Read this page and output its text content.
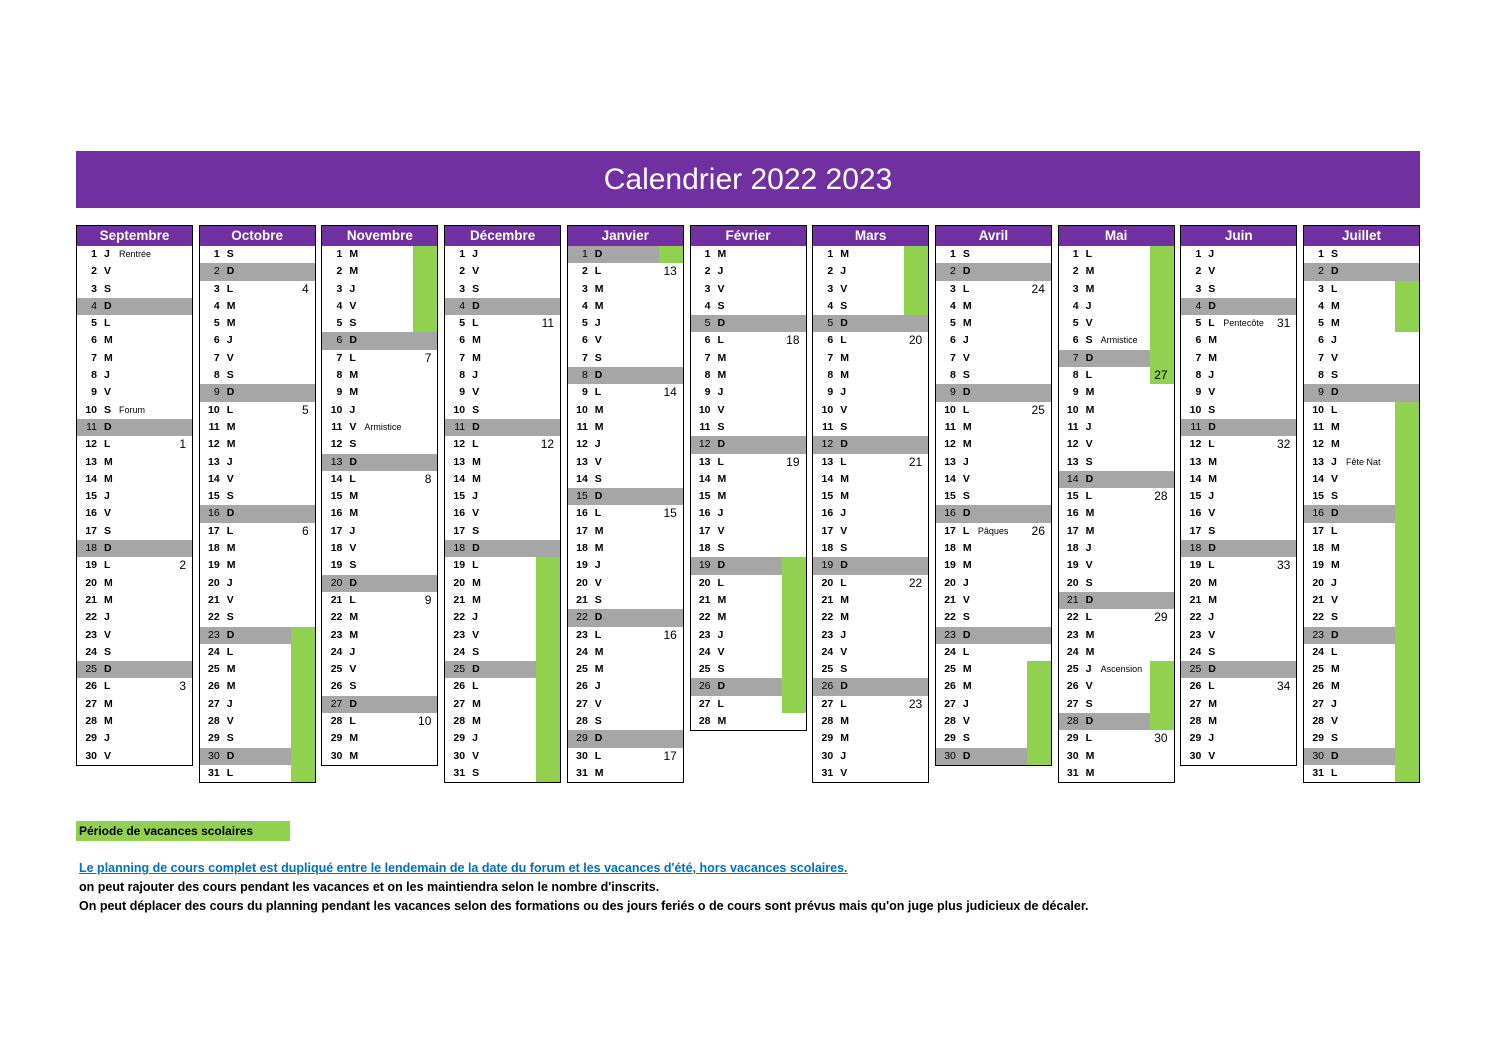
Calendrier 2022 2023
Septembre
1 J Rentrée
2 V
3 S
4 D
5 L
6 M
7 M
8 J
9 V
10 S Forum
11 D
12 L	1
13 M
14 M
15 J
16 V
17 S
18 D
19 L	2
20 M
21 M
22 J
23 V
24 S
25 D
26 L	3
27 M
28 M
29 J
30 V
Octobre
1 S
2 D
3 L	4
4 M
5 M
6 J
7 V
8 S
9 D
10 L	5
11 M
12 M
13 J
14 V
15 S
16 D
17 L	6
18 M
19 M
20 J
21 V
22 S
23 D
24 L
25 M
26 M
27 J
28 V
29 S
30 D
31 L
Novembre
1 M
2 M
3 J
4 V
5 S
6 D
7 L	7
8 M
9 M
10 J
11 V Armistice
12 S
13 D
14 L	8
15 M
16 M
17 J
18 V
19 S
20 D
21 L	9
22 M
23 M
24 J
25 V
26 S
27 D
28 L	10
29 M
30 M
Décembre
1 J
2 V
3 S
4 D
5 L	11
6 M
7 M
8 J
9 V
10 S
11 D
12 L	12
13 M
14 M
15 J
16 V
17 S
18 D
19 L
20 M
21 M
22 J
23 V
24 S
25 D
26 L
27 M
28 M
29 J
30 V
31 S
Janvier
1 D
2 L	13
3 M
4 M
5 J
6 V
7 S
8 D
9 L	14
10 M
11 M
12 J
13 V
14 S
15 D
16 L	15
17 M
18 M
19 J
20 V
21 S
22 D
23 L	16
24 M
25 M
26 J
27 V
28 S
29 D
30 L	17
31 M
Février
1 M
2 J
3 V
4 S
5 D
6 L	18
7 M
8 M
9 J
10 V
11 S
12 D
13 L	19
14 M
15 M
16 J
17 V
18 S
19 D
20 L
21 M
22 M
23 J
24 V
25 S
26 D
27 L
28 M
Mars
1 M
2 J
3 V
4 S
5 D
6 L	20
7 M
8 M
9 J
10 V
11 S
12 D
13 L	21
14 M
15 M
16 J
17 V
18 S
19 D
20 L	22
21 M
22 M
23 J
24 V
25 S
26 D
27 L	23
28 M
29 M
30 J
31 V
Avril
1 S
2 D
3 L	24
4 M
5 M
6 J
7 V
8 S
9 D
10 L	25
11 M
12 M
13 J
14 V
15 S
16 D
17 L Pâques 26
18 M
19 M
20 J
21 V
22 S
23 D
24 L
25 M
26 M
27 J
28 V
29 S
30 D
Mai
1 L
2 M
3 M
4 J
5 V
6 S Armistice
7 D
8 L	27
9 M
10 M
11 J
12 V
13 S
14 D
15 L	28
16 M
17 M
18 J
19 V
20 S
21 D
22 L	29
23 M
24 M
25 J Ascension
26 V
27 S
28 D
29 L	30
30 M
31 M
Juin
1 J
2 V
3 S
4 D
5 L Pentecôte 31
6 M
7 M
8 J
9 V
10 S
11 D
12 L	32
13 M
14 M
15 J
16 V
17 S
18 D
19 L	33
20 M
21 M
22 J
23 V
24 S
25 D
26 L	34
27 M
28 M
29 J
30 V
Juillet
1 S
2 D
3 L
4 M
5 M
6 J
7 V
8 S
9 D
10 L
11 M
12 M
13 J Fête Nat
14 V
15 S
16 D
17 L
18 M
19 M
20 J
21 V
22 S
23 D
24 L
25 M
26 M
27 J
28 V
29 S
30 D
31 L
Période de vacances scolaires
Le planning de cours complet est dupliqué entre le lendemain de la date du forum et les vacances d'été, hors vacances scolaires.
on peut rajouter des cours pendant les vacances et on les maintiendra selon le nombre d'inscrits.
On peut déplacer des cours du planning pendant les vacances selon des formations ou des jours feriés o de cours sont prévus mais qu'on juge plus judicieux de décaler.
